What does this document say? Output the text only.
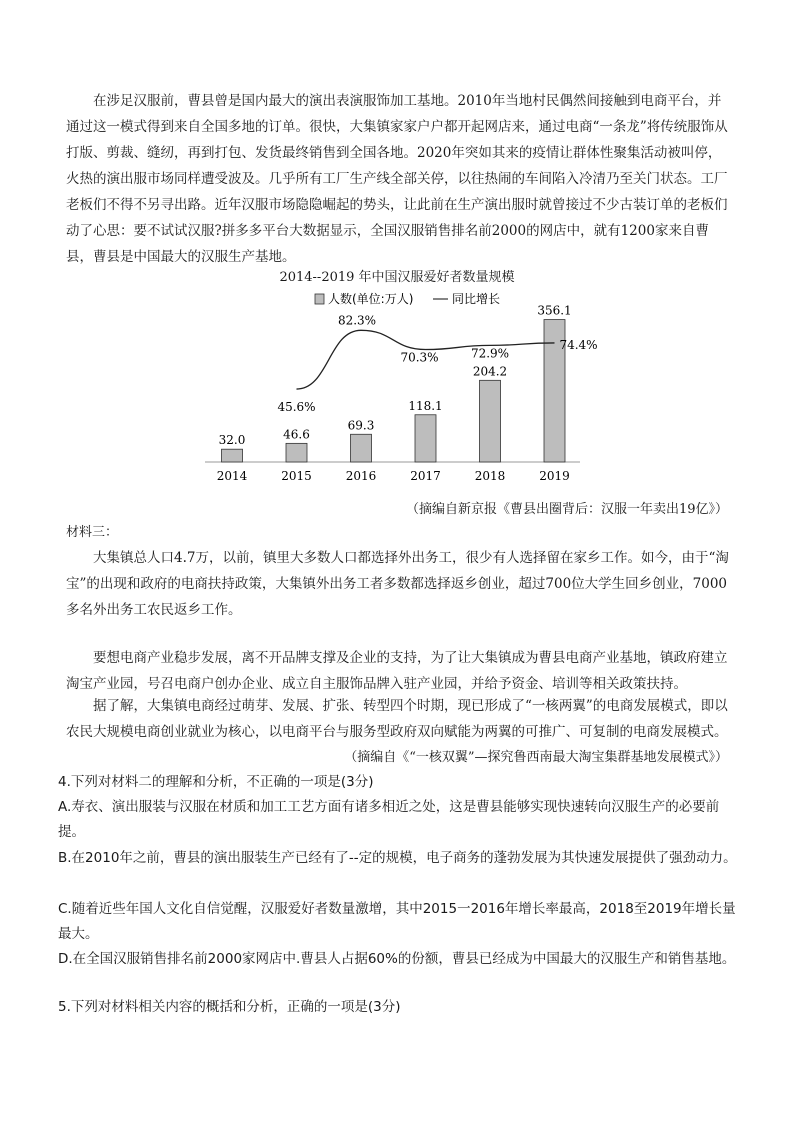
在涉足汉服前，曹县曾是国内最大的演出表演服饰加工基地。2010年当地村民偶然间接触到电商平台，并通过这一模式得到来自全国多地的订单。很快，大集镇家家户户都开起网店来，通过电商“一条龙”将传统服饰从打版、剪裁、缝纫，再到打包、发货最终销售到全国各地。2020年突如其来的疫情让群体性聚集活动被叫停，火热的演出服市场同样遭受波及。几乎所有工厂生产线全部关停，以往热闹的车间陷入冷清乃至关门状态。工厂老板们不得不另寻出路。近年汉服市场隐隐崛起的势头，让此前在生产演出服时就曾接过不少古装订单的老板们动了心思：要不试试汉服?拼多多平台大数据显示，全国汉服销售排名前2000的网店中，就有1200家来自曹县，曹县是中国最大的汉服生产基地。

2014--2019 年中国汉服爱好者数量规模

人数(单位:万人)	同比增长
32.0	46.6
69.3
118.1
204.2
356.1
2014	2015	2016	2017	2018	2019
45.6%
82.3%
70.3%	72.9%
74.4%

（摘编自新京报《曹县出圈背后：汉服一年卖出19亿》）

材料三：

大集镇总人口4.7万，以前，镇里大多数人口都选择外出务工，很少有人选择留在家乡工作。如今，由于“淘宝”的出现和政府的电商扶持政策，大集镇外出务工者多数都选择返乡创业，超过700位大学生回乡创业，7000多名外出务工农民返乡工作。

要想电商产业稳步发展，离不开品牌支撑及企业的支持，为了让大集镇成为曹县电商产业基地，镇政府建立淘宝产业园，号召电商户创办企业、成立自主服饰品牌入驻产业园，并给予资金、培训等相关政策扶持。

据了解，大集镇电商经过萌芽、发展、扩张、转型四个时期，现已形成了“一核两翼”的电商发展模式，即以农民大规模电商创业就业为核心，以电商平台与服务型政府双向赋能为两翼的可推广、可复制的电商发展模式。

（摘编自《“一核双翼”—探究鲁西南最大淘宝集群基地发展模式》）

4.下列对材料二的理解和分析，不正确的一项是(3分)

A.寿衣、演出服装与汉服在材质和加工工艺方面有诸多相近之处，这是曹县能够实现快速转向汉服生产的必要前提。

B.在2010年之前，曹县的演出服装生产已经有了--定的规模，电子商务的蓬勃发展为其快速发展提供了强劲动力。

C.随着近些年国人文化自信觉醒，汉服爱好者数量激增，其中2015一2016年增长率最高，2018至2019年增长量最大。

D.在全国汉服销售排名前2000家网店中.曹县人占据60%的份额，曹县已经成为中国最大的汉服生产和销售基地。

5.下列对材料相关内容的概括和分析，正确的一项是(3分)
